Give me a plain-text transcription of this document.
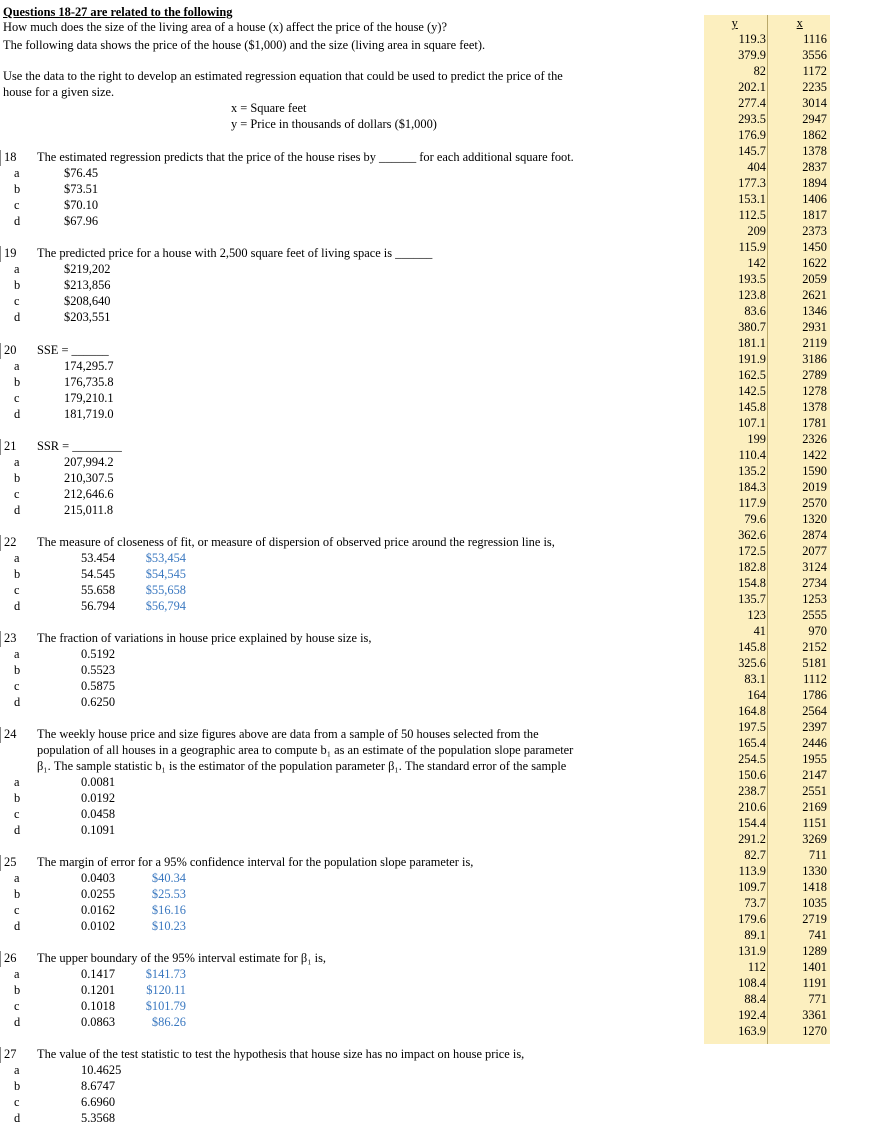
Questions 18-27 are related to the following
How much does the size of the living area of a house (x) affect the price of the house (y)?
The following data shows the price of the house ($1,000) and the size (living area in square feet).
Use the data to the right to develop an estimated regression equation that could be used to predict the price of the
house for a given size.
x = Square feet
y = Price in thousands of dollars ($1,000)
18 The estimated regression predicts that the price of the house rises by ______ for each additional square foot.
a	$76.45
b	$73.51
c	$70.10
d	$67.96
19 The predicted price for a house with 2,500 square feet of living space is ______
a	$219,202
b	$213,856
c	$208,640
d	$203,551
20 SSE = ______
a	174,295.7
b	176,735.8
c	179,210.1
d	181,719.0
21 SSR = ________
a	207,994.2
b	210,307.5
c	212,646.6
d	215,011.8
22 The measure of closeness of fit, or measure of dispersion of observed price around the regression line is,
a	53.454	$53,454
b	54.545	$54,545
c	55.658	$55,658
d	56.794	$56,794
23 The fraction of variations in house price explained by house size is,
a	0.5192
b	0.5523
c	0.5875
d	0.6250
24 The weekly house price and size figures above are data from a sample of 50 houses selected from the
population of all houses in a geographic area to compute b₁ as an estimate of the population slope parameter
β₁. The sample statistic b₁ is the estimator of the population parameter β₁. The standard error of the sample
a	0.0081
b	0.0192
c	0.0458
d	0.1091
25 The margin of error for a 95% confidence interval for the population slope parameter is,
a	0.0403	$40.34
b	0.0255	$25.53
c	0.0162	$16.16
d	0.0102	$10.23
26 The upper boundary of the 95% interval estimate for β₁ is,
a	0.1417	$141.73
b	0.1201	$120.11
c	0.1018	$101.79
d	0.0863	$86.26
27 The value of the test statistic to test the hypothesis that house size has no impact on house price is,
a	10.4625
b	8.6747
c	6.6960
d	5.3568
y	x
119.3	1116
379.9	3556
82	1172
202.1	2235
277.4	3014
293.5	2947
176.9	1862
145.7	1378
404	2837
177.3	1894
153.1	1406
112.5	1817
209	2373
115.9	1450
142	1622
193.5	2059
123.8	2621
83.6	1346
380.7	2931
181.1	2119
191.9	3186
162.5	2789
142.5	1278
145.8	1378
107.1	1781
199	2326
110.4	1422
135.2	1590
184.3	2019
117.9	2570
79.6	1320
362.6	2874
172.5	2077
182.8	3124
154.8	2734
135.7	1253
123	2555
41	970
145.8	2152
325.6	5181
83.1	1112
164	1786
164.8	2564
197.5	2397
165.4	2446
254.5	1955
150.6	2147
238.7	2551
210.6	2169
154.4	1151
291.2	3269
82.7	711
113.9	1330
109.7	1418
73.7	1035
179.6	2719
89.1	741
131.9	1289
112	1401
108.4	1191
88.4	771
192.4	3361
163.9	1270
